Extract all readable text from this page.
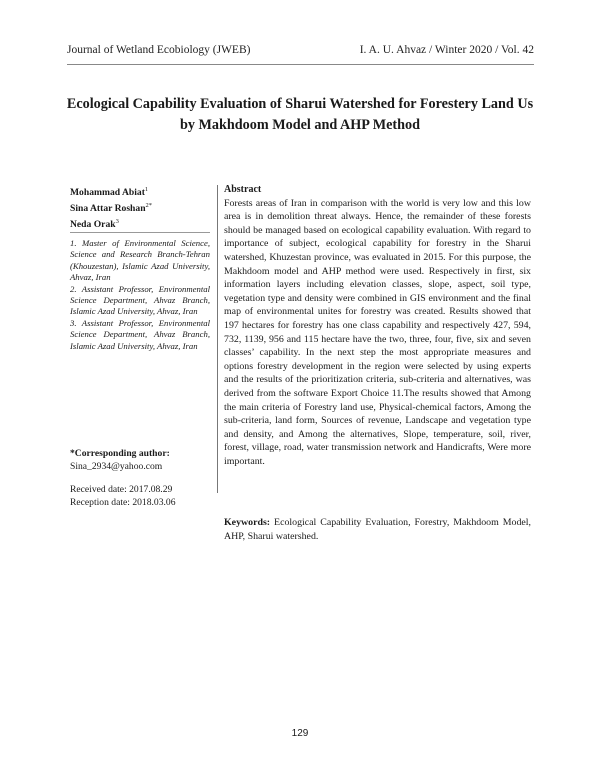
Journal of Wetland Ecobiology (JWEB)	I. A. U. Ahvaz / Winter 2020 / Vol. 42
Ecological Capability Evaluation of Sharui Watershed for Forestery Land Us
by Makhdoom Model and AHP Method
Mohammad Abiat$^1$
Sina Attar Roshan$^{2*}$
Neda Orak$^3$

1. Master of Environmental Science, Science and Research Branch-Tehran (Khouzestan), Islamic Azad University, Ahvaz, Iran

2. Assistant Professor, Environmental Science Department, Ahvaz Branch, Islamic Azad University, Ahvaz, Iran

3. Assistant Professor, Environmental Science Department, Ahvaz Branch, Islamic Azad University, Ahvaz, Iran

*Corresponding author:
Sina_2934@yahoo.com
Received date: 2017.08.29
Reception date: 2018.03.06
Abstract

Forests areas of Iran in comparison with the world is very low and this low area is in demolition threat always. Hence, the remainder of these forests should be managed based on ecological capability evaluation. With regard to importance of subject, ecological capability for forestry in the Sharui watershed, Khuzestan province, was evaluated in 2015. For this purpose, the Makhdoom model and AHP method were used. Respectively in first, six information layers including elevation classes, slope, aspect, soil type, vegetation type and density were combined in GIS environment and the final map of environmental unites for forestry was created. Results showed that 197 hectares for forestry has one class capability and respectively 427, 594, 732, 1139, 956 and 115 hectare have the two, three, four, five, six and seven classes’ capability. In the next step the most appropriate measures and options forestry development in the region were selected by using experts and the results of the prioritization criteria, sub-criteria and alternatives, was derived from the software Export Choice 11.The results showed that Among the main criteria of Forestry land use, Physical-chemical factors, Among the sub-criteria, land form, Sources of revenue, Landscape and vegetation type and density, and Among the alternatives, Slope, temperature, soil, river, forest, village, road, water transmission network and Handicrafts, Were more important.

Keywords: Ecological Capability Evaluation, Forestry, Makhdoom Model, AHP, Sharui watershed.
129
